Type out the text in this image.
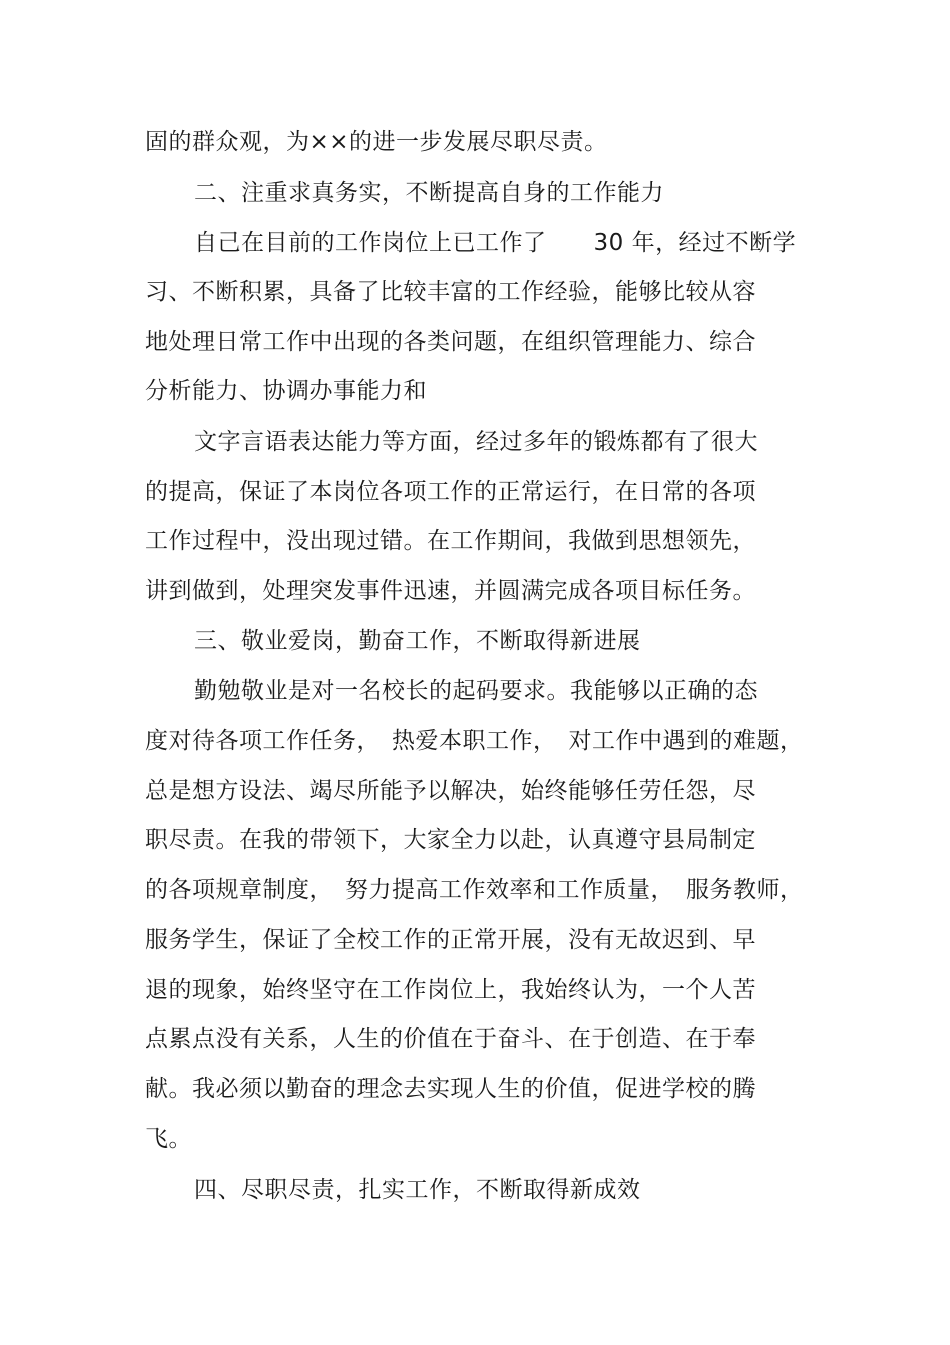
固的群众观，为××的进一步发展尽职尽责。
二、注重求真务实，不断提高自身的工作能力
自己在目前的工作岗位上已工作了　　30 年，经过不断学
习、不断积累，具备了比较丰富的工作经验，能够比较从容
地处理日常工作中出现的各类问题，在组织管理能力、综合
分析能力、协调办事能力和
文字言语表达能力等方面，经过多年的锻炼都有了很大
的提高，保证了本岗位各项工作的正常运行，在日常的各项
工作过程中，没出现过错。在工作期间，我做到思想领先，
讲到做到，处理突发事件迅速，并圆满完成各项目标任务。
三、敬业爱岗，勤奋工作，不断取得新进展
勤勉敬业是对一名校长的起码要求。我能够以正确的态
度对待各项工作任务，　热爱本职工作，　对工作中遇到的难题，
总是想方设法、竭尽所能予以解决，始终能够任劳任怨，尽
职尽责。在我的带领下，大家全力以赴，认真遵守县局制定
的各项规章制度，　努力提高工作效率和工作质量，　服务教师，
服务学生，保证了全校工作的正常开展，没有无故迟到、早
退的现象，始终坚守在工作岗位上，我始终认为，一个人苦
点累点没有关系，人生的价值在于奋斗、在于创造、在于奉
献。我必须以勤奋的理念去实现人生的价值，促进学校的腾
飞。
四、尽职尽责，扎实工作，不断取得新成效
